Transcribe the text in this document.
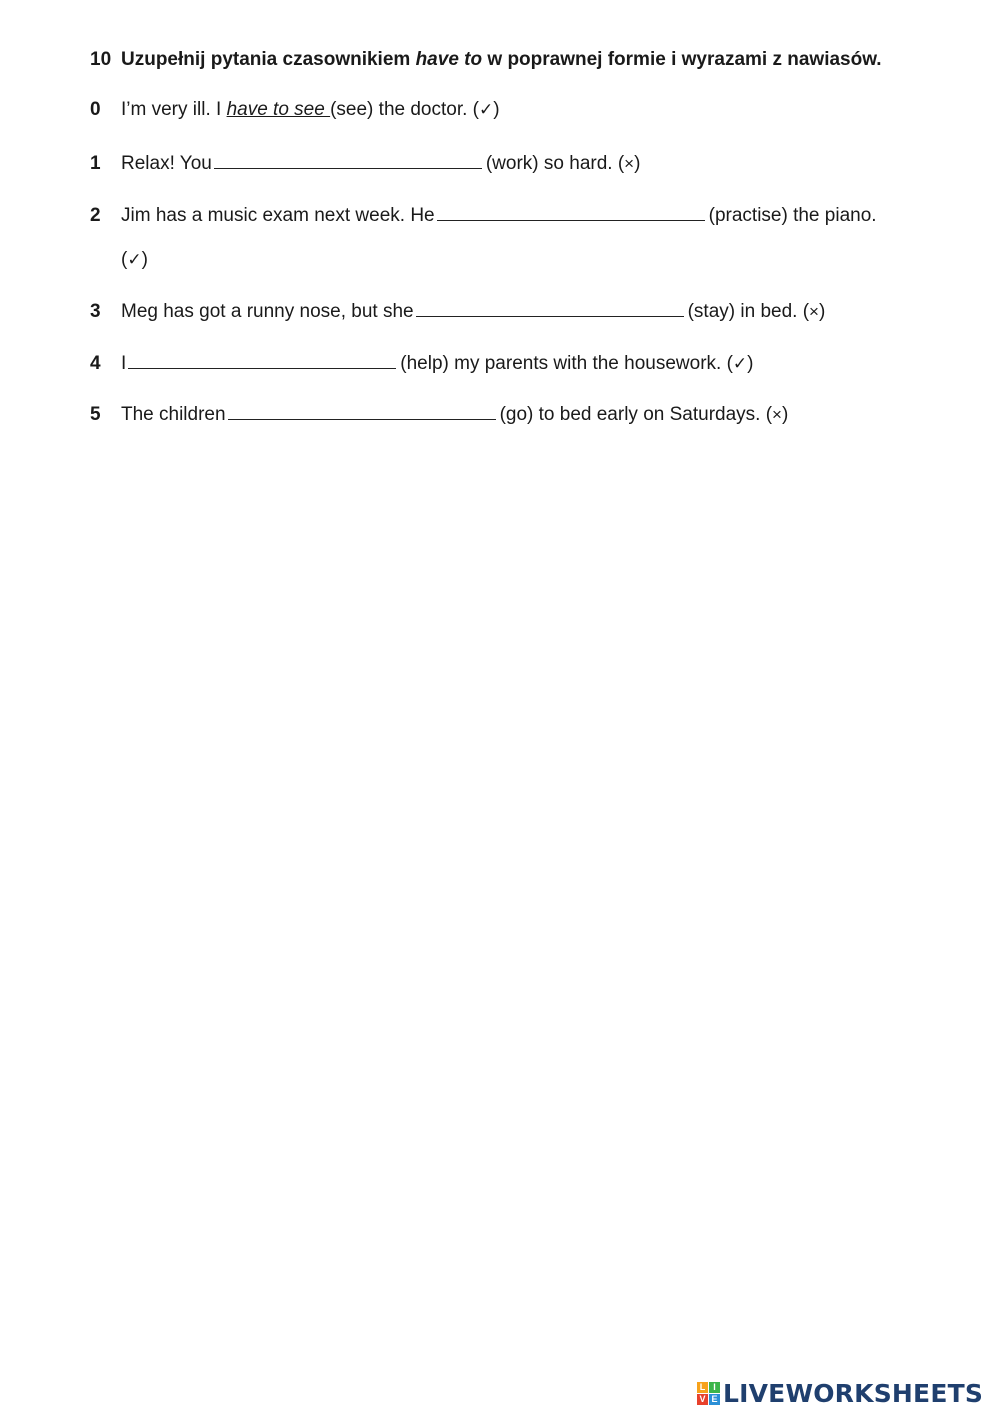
10 Uzupełnij pytania czasownikiem have to w poprawnej formie i wyrazami z nawiasów.
0 I’m very ill. I have to see (see) the doctor. (✓)
1 Relax! You	(work) so hard. (×)
2 Jim has a music exam next week. He	(practise) the piano.
(✓)
3 Meg has got a runny nose, but she	(stay) in bed. (×)
4 I	(help) my parents with the housework. (✓)
5 The children	(go) to bed early on Saturdays. (×)
L I
V E LIVEWORKSHEETS
